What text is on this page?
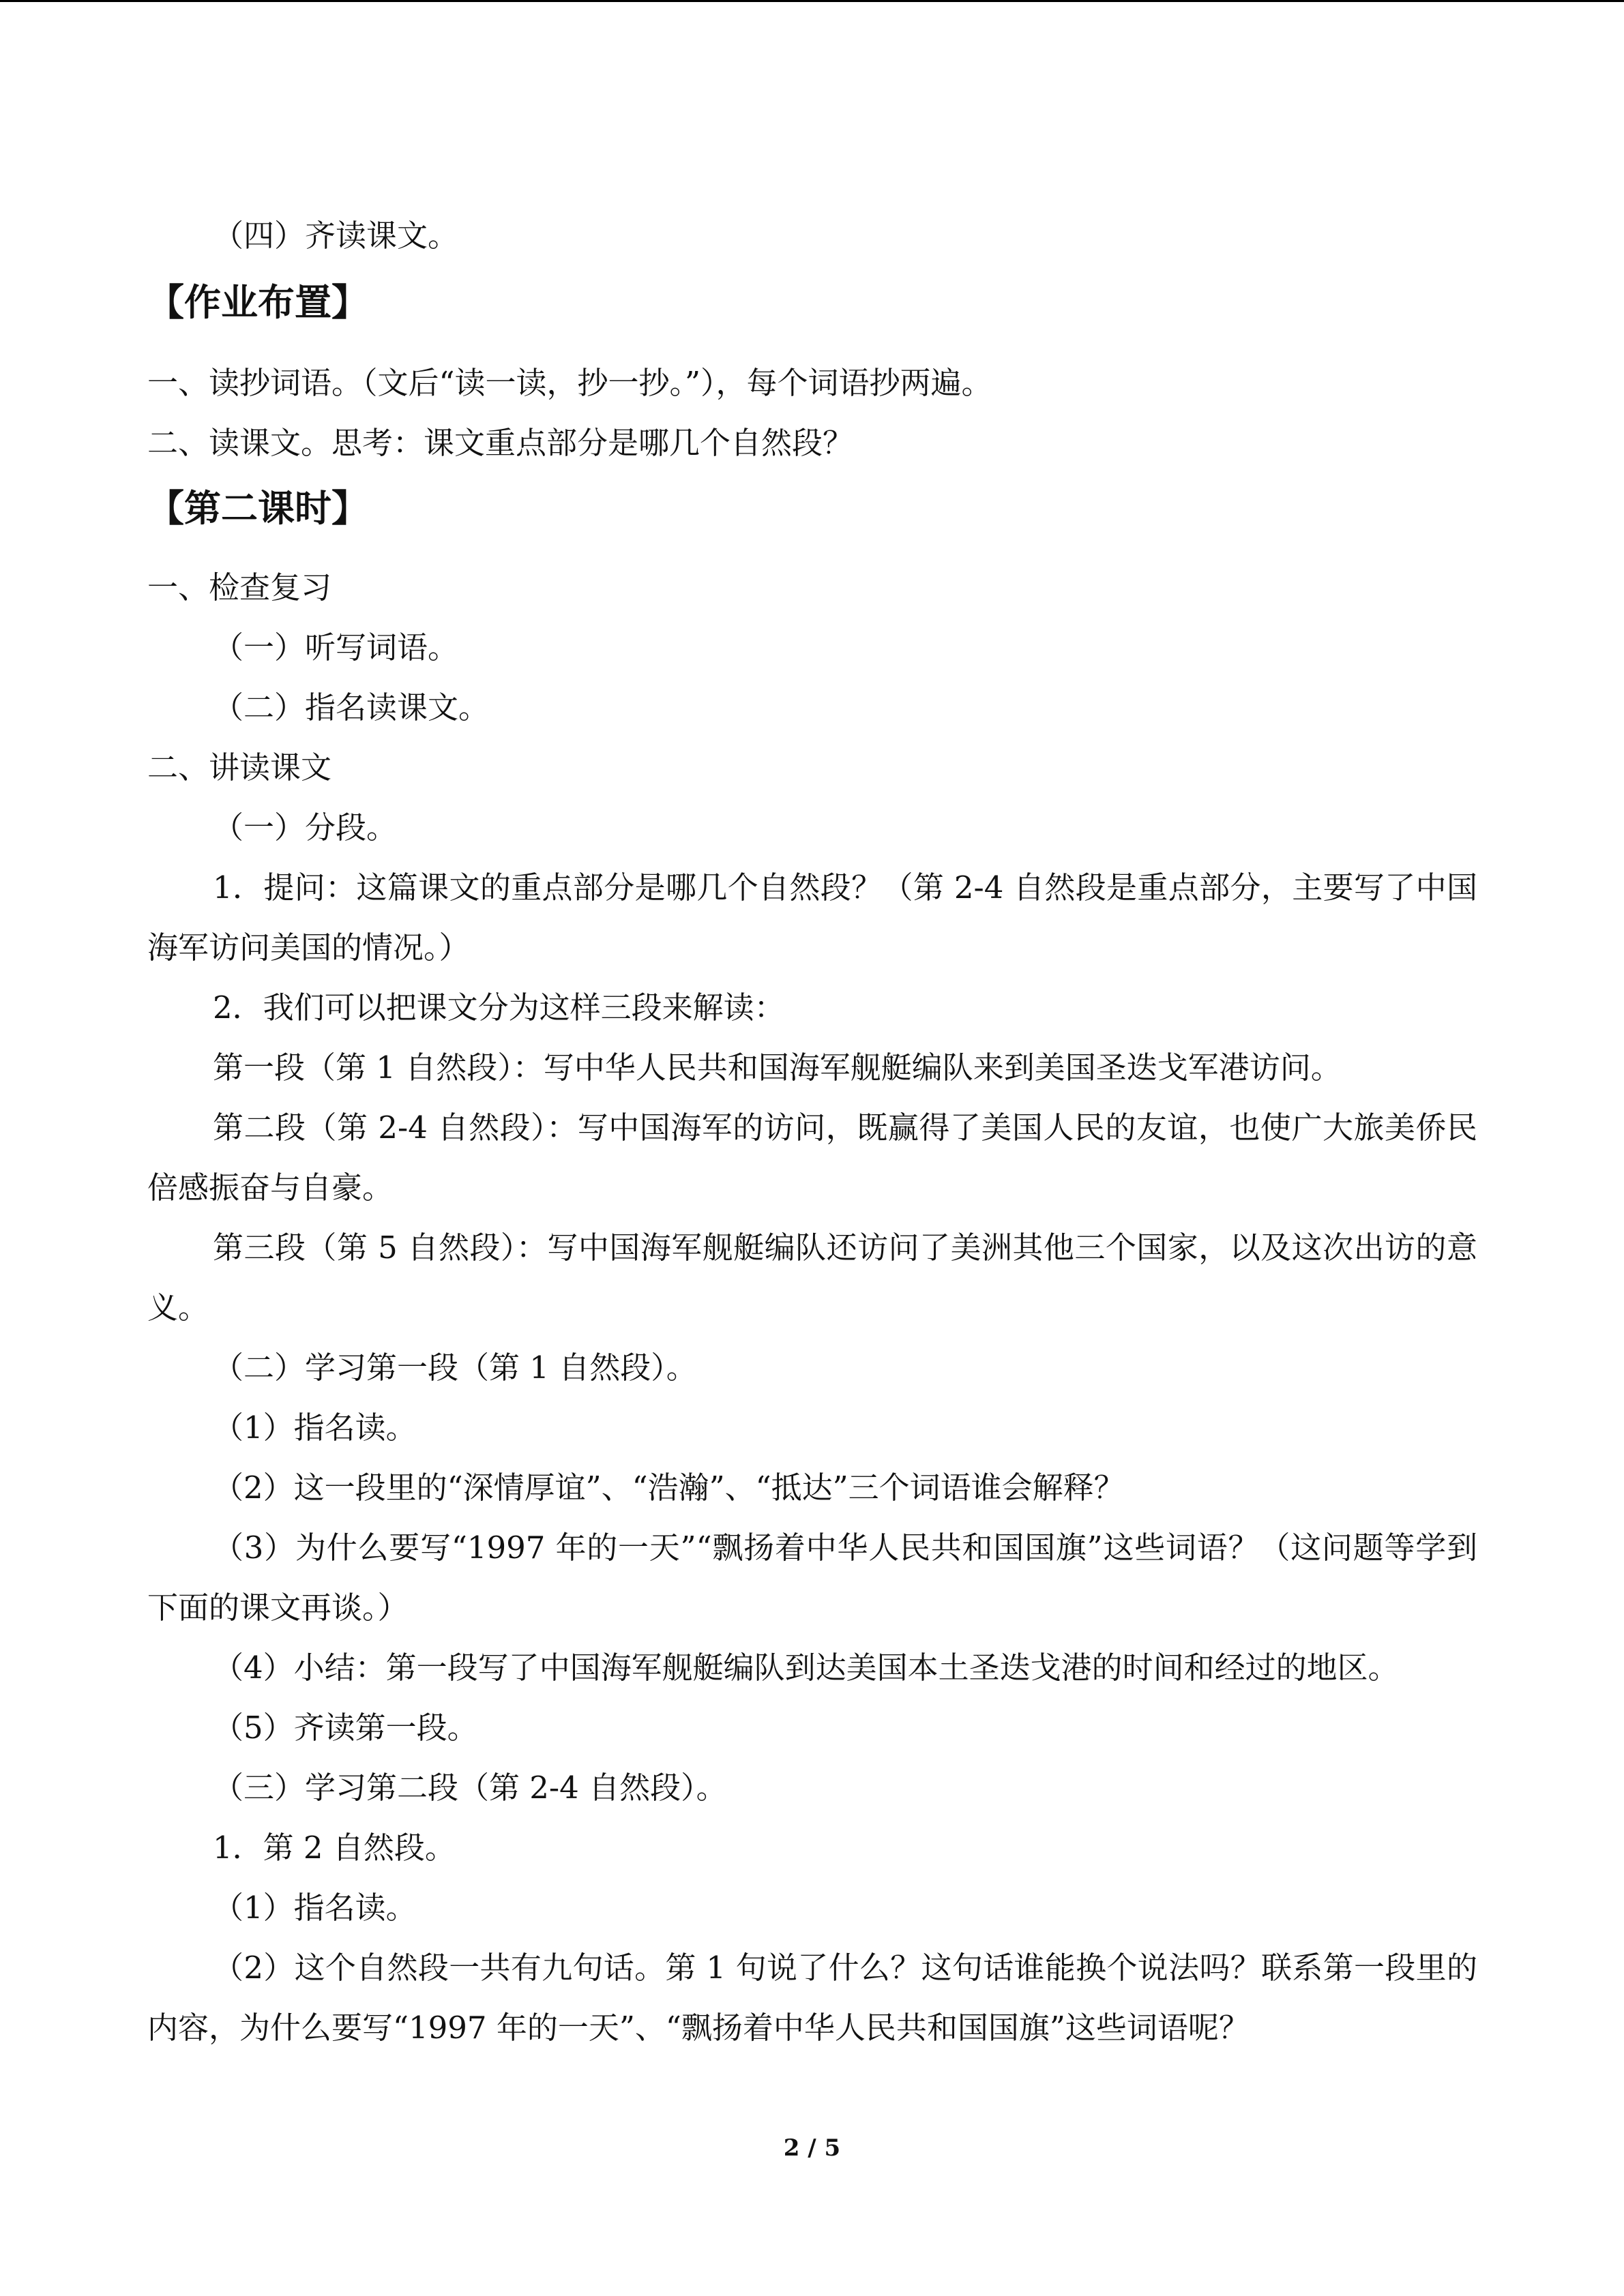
（四）齐读课文。
【作业布置】
一、读抄词语。（文后“读一读，抄一抄。”），每个词语抄两遍。
二、读课文。思考：课文重点部分是哪几个自然段？
【第二课时】
一、检查复习
（一）听写词语。
（二）指名读课文。
二、讲读课文
（一）分段。
1．提问：这篇课文的重点部分是哪几个自然段？（第 2-4 自然段是重点部分，主要写了中国海军访问美国的情况。）
2．我们可以把课文分为这样三段来解读：
第一段（第 1 自然段）：写中华人民共和国海军舰艇编队来到美国圣迭戈军港访问。
第二段（第 2-4 自然段）：写中国海军的访问，既赢得了美国人民的友谊，也使广大旅美侨民倍感振奋与自豪。
第三段（第 5 自然段）：写中国海军舰艇编队还访问了美洲其他三个国家，以及这次出访的意义。
（二）学习第一段（第 1 自然段）。
（1）指名读。
（2）这一段里的“深情厚谊”、“浩瀚”、“抵达”三个词语谁会解释？
（3）为什么要写“1997 年的一天”“飘扬着中华人民共和国国旗”这些词语？（这问题等学到下面的课文再谈。）
（4）小结：第一段写了中国海军舰艇编队到达美国本土圣迭戈港的时间和经过的地区。
（5）齐读第一段。
（三）学习第二段（第 2-4 自然段）。
1．第 2 自然段。
（1）指名读。
（2）这个自然段一共有九句话。第 1 句说了什么？这句话谁能换个说法吗？联系第一段里的内容，为什么要写“1997 年的一天”、“飘扬着中华人民共和国国旗”这些词语呢？
2 / 5
